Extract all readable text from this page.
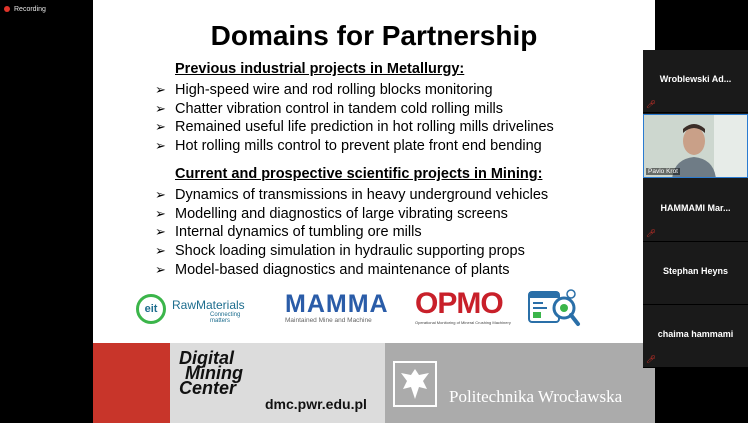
Recording
Domains for Partnership
Previous industrial projects in Metallurgy:
➢ High-speed wire and rod rolling blocks monitoring
➢ Chatter vibration control in tandem cold rolling mills
➢ Remained useful life prediction in hot rolling mills drivelines
➢ Hot rolling mills control to prevent plate front end bending
Current and prospective scientific projects in Mining:
➢ Dynamics of transmissions in heavy underground vehicles
➢ Modelling and diagnostics of large vibrating screens
➢ Internal dynamics of tumbling ore mills
➢ Shock loading simulation in hydraulic supporting props
➢ Model-based diagnostics and maintenance of plants
eit	RawMaterials
Connecting matters
MAMMA
Maintained Mine and Machine
OPMO
Operational Monitoring of Mineral Crushing Machinery
Digital
Mining
Center
dmc.pwr.edu.pl	Politechnika Wrocławska
Wroblewski Ad...
🎤︎
Pavlo Krot
HAMMAMI Mar...
🎤︎
Stephan Heyns
chaima hammami
🎤︎
